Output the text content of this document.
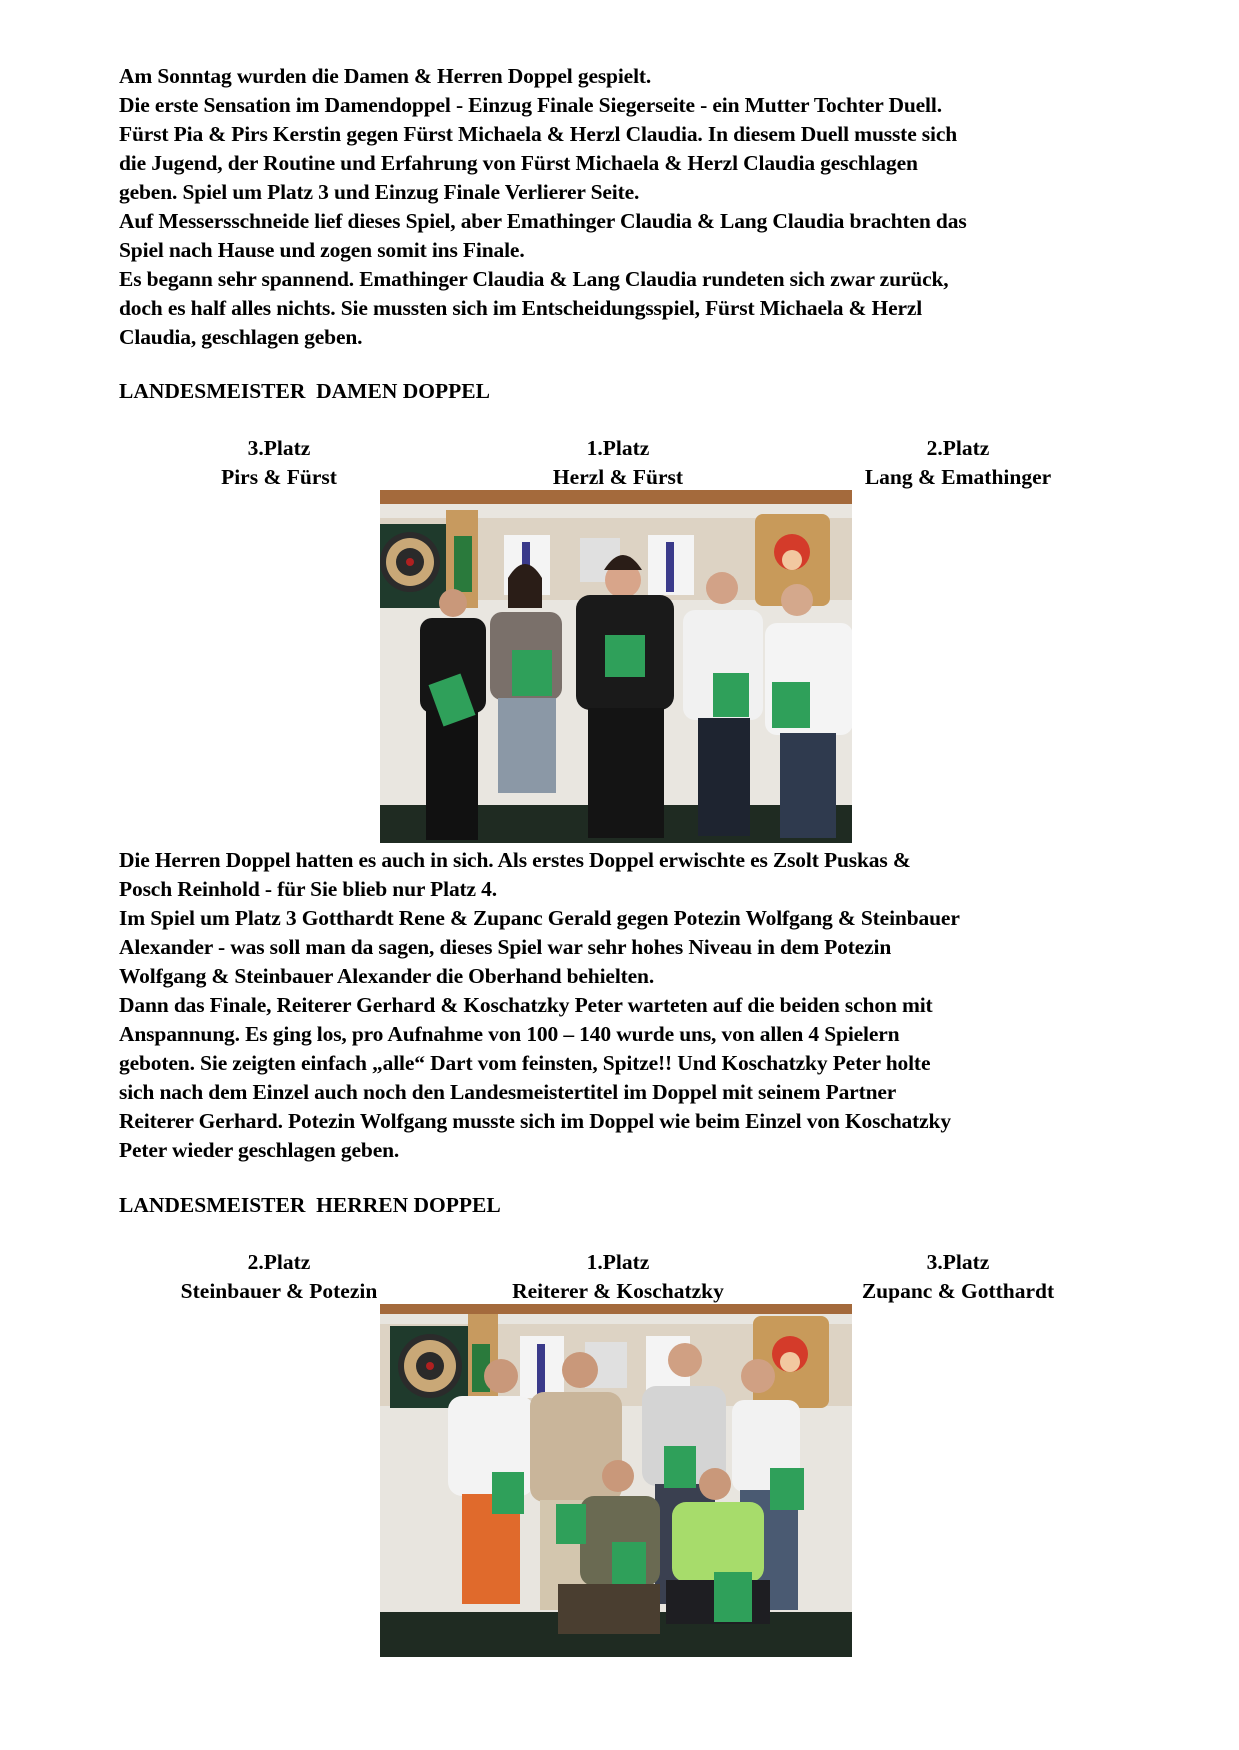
Am Sonntag wurden die Damen & Herren Doppel gespielt.
Die erste Sensation im Damendoppel - Einzug Finale Siegerseite - ein Mutter Tochter Duell.
Fürst Pia & Pirs Kerstin gegen Fürst Michaela & Herzl Claudia. In diesem Duell musste sich
die Jugend, der Routine und Erfahrung von Fürst Michaela & Herzl Claudia geschlagen
geben. Spiel um Platz 3 und Einzug Finale Verlierer Seite.
Auf Messersschneide lief dieses Spiel, aber Emathinger Claudia & Lang Claudia brachten das
Spiel nach Hause und zogen somit ins Finale.
Es begann sehr spannend. Emathinger Claudia & Lang Claudia rundeten sich zwar zurück,
doch es half alles nichts. Sie mussten sich im Entscheidungsspiel, Fürst Michaela & Herzl
Claudia, geschlagen geben.
LANDESMEISTER  DAMEN DOPPEL
3.Platz
Pirs & Fürst
1.Platz
Herzl & Fürst
2.Platz
Lang & Emathinger
Die Herren Doppel hatten es auch in sich. Als erstes Doppel erwischte es Zsolt Puskas &
Posch Reinhold - für Sie blieb nur Platz 4.
Im Spiel um Platz 3 Gotthardt Rene & Zupanc Gerald gegen Potezin Wolfgang & Steinbauer
Alexander - was soll man da sagen, dieses Spiel war sehr hohes Niveau in dem Potezin
Wolfgang & Steinbauer Alexander die Oberhand behielten.
Dann das Finale, Reiterer Gerhard & Koschatzky Peter warteten auf die beiden schon mit
Anspannung. Es ging los, pro Aufnahme von 100 – 140 wurde uns, von allen 4 Spielern
geboten. Sie zeigten einfach „alle“ Dart vom feinsten, Spitze!! Und Koschatzky Peter holte
sich nach dem Einzel auch noch den Landesmeistertitel im Doppel mit seinem Partner
Reiterer Gerhard. Potezin Wolfgang musste sich im Doppel wie beim Einzel von Koschatzky
Peter wieder geschlagen geben.
LANDESMEISTER  HERREN DOPPEL
2.Platz
Steinbauer & Potezin
1.Platz
Reiterer & Koschatzky
3.Platz
Zupanc & Gotthardt
